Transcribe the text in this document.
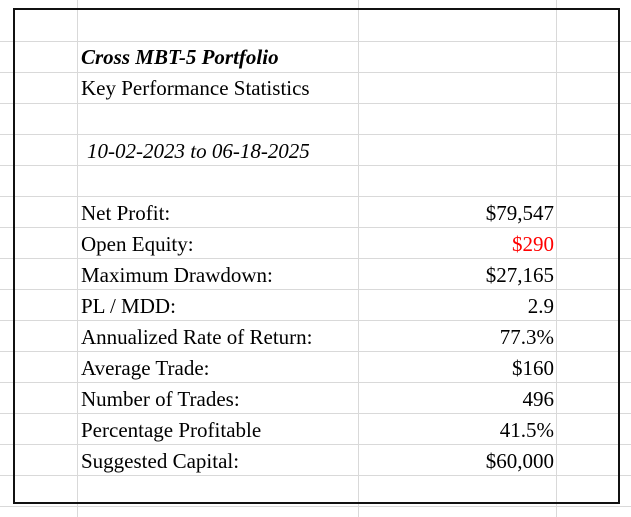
Cross MBT-5 Portfolio
Key Performance Statistics
10-02-2023 to 06-18-2025
Net Profit:	$79,547
Open Equity:	$290
Maximum Drawdown:	$27,165
PL / MDD:	2.9
Annualized Rate of Return:	77.3%
Average Trade:	$160
Number of Trades:	496
Percentage Profitable	41.5%
Suggested Capital:	$60,000
